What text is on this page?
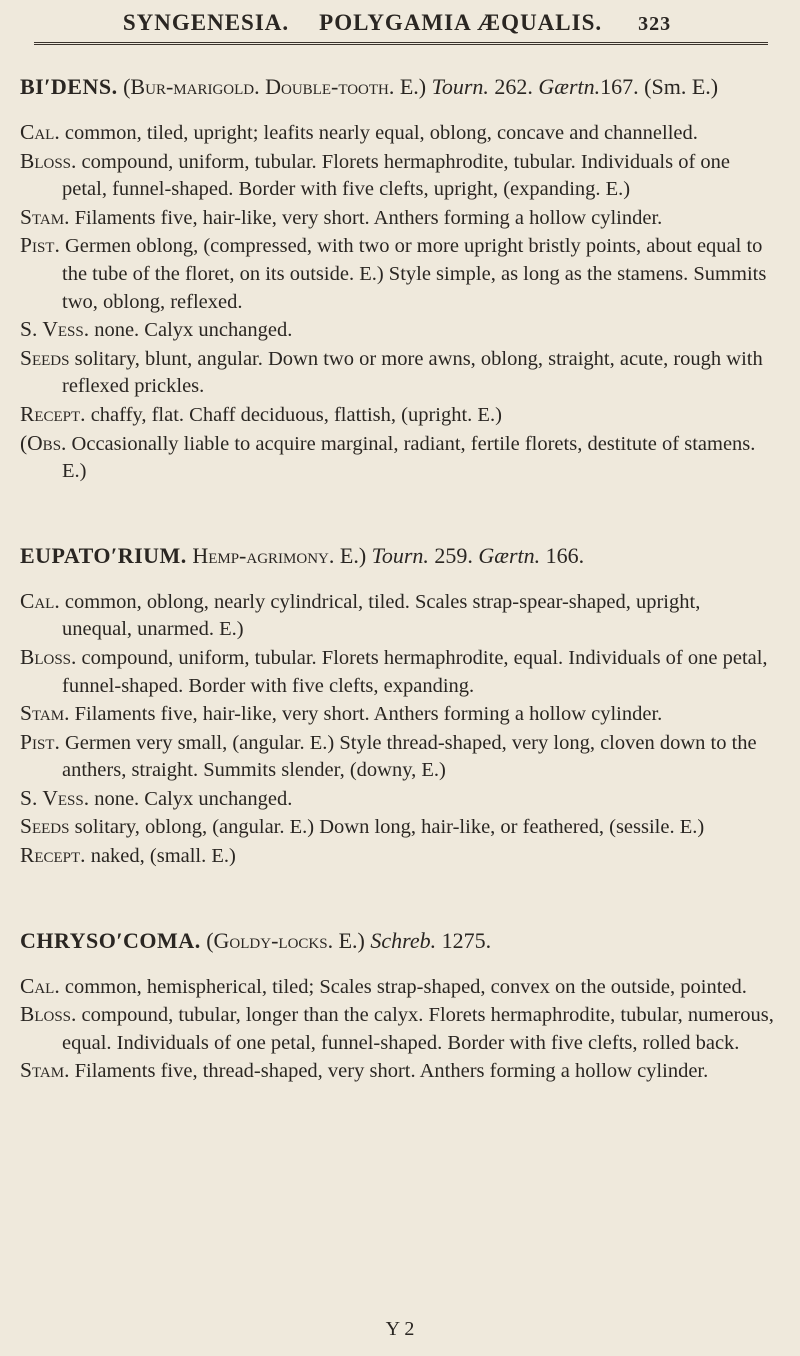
SYNGENESIA. POLYGAMIA ÆQUALIS. 323
BI′DENS. (Bur-marigold. Double-tooth. E.) Tourn. 262. Gærtn.167. (Sm. E.)
Cal. common, tiled, upright; leafits nearly equal, oblong, concave and channelled.
Bloss. compound, uniform, tubular. Florets hermaphrodite, tubular. Individuals of one petal, funnel-shaped. Border with five clefts, upright, (expanding. E.)
Stam. Filaments five, hair-like, very short. Anthers forming a hollow cylinder.
Pist. Germen oblong, (compressed, with two or more upright bristly points, about equal to the tube of the floret, on its outside. E.) Style simple, as long as the stamens. Summits two, oblong, reflexed.
S. Vess. none. Calyx unchanged.
Seeds solitary, blunt, angular. Down two or more awns, oblong, straight, acute, rough with reflexed prickles.
Recept. chaffy, flat. Chaff deciduous, flattish, (upright. E.)
(Obs. Occasionally liable to acquire marginal, radiant, fertile florets, destitute of stamens. E.)
EUPATO′RIUM. Hemp-agrimony. E.) Tourn. 259. Gærtn. 166.
Cal. common, oblong, nearly cylindrical, tiled. Scales strap-spear-shaped, upright, unequal, unarmed. E.)
Bloss. compound, uniform, tubular. Florets hermaphrodite, equal. Individuals of one petal, funnel-shaped. Border with five clefts, expanding.
Stam. Filaments five, hair-like, very short. Anthers forming a hollow cylinder.
Pist. Germen very small, (angular. E.) Style thread-shaped, very long, cloven down to the anthers, straight. Summits slender, (downy, E.)
S. Vess. none. Calyx unchanged.
Seeds solitary, oblong, (angular. E.) Down long, hair-like, or feathered, (sessile. E.)
Recept. naked, (small. E.)
CHRYSO′COMA. (Goldy-locks. E.) Schreb. 1275.
Cal. common, hemispherical, tiled; Scales strap-shaped, convex on the outside, pointed.
Bloss. compound, tubular, longer than the calyx. Florets hermaphrodite, tubular, numerous, equal. Individuals of one petal, funnel-shaped. Border with five clefts, rolled back.
Stam. Filaments five, thread-shaped, very short. Anthers forming a hollow cylinder.
Y 2
